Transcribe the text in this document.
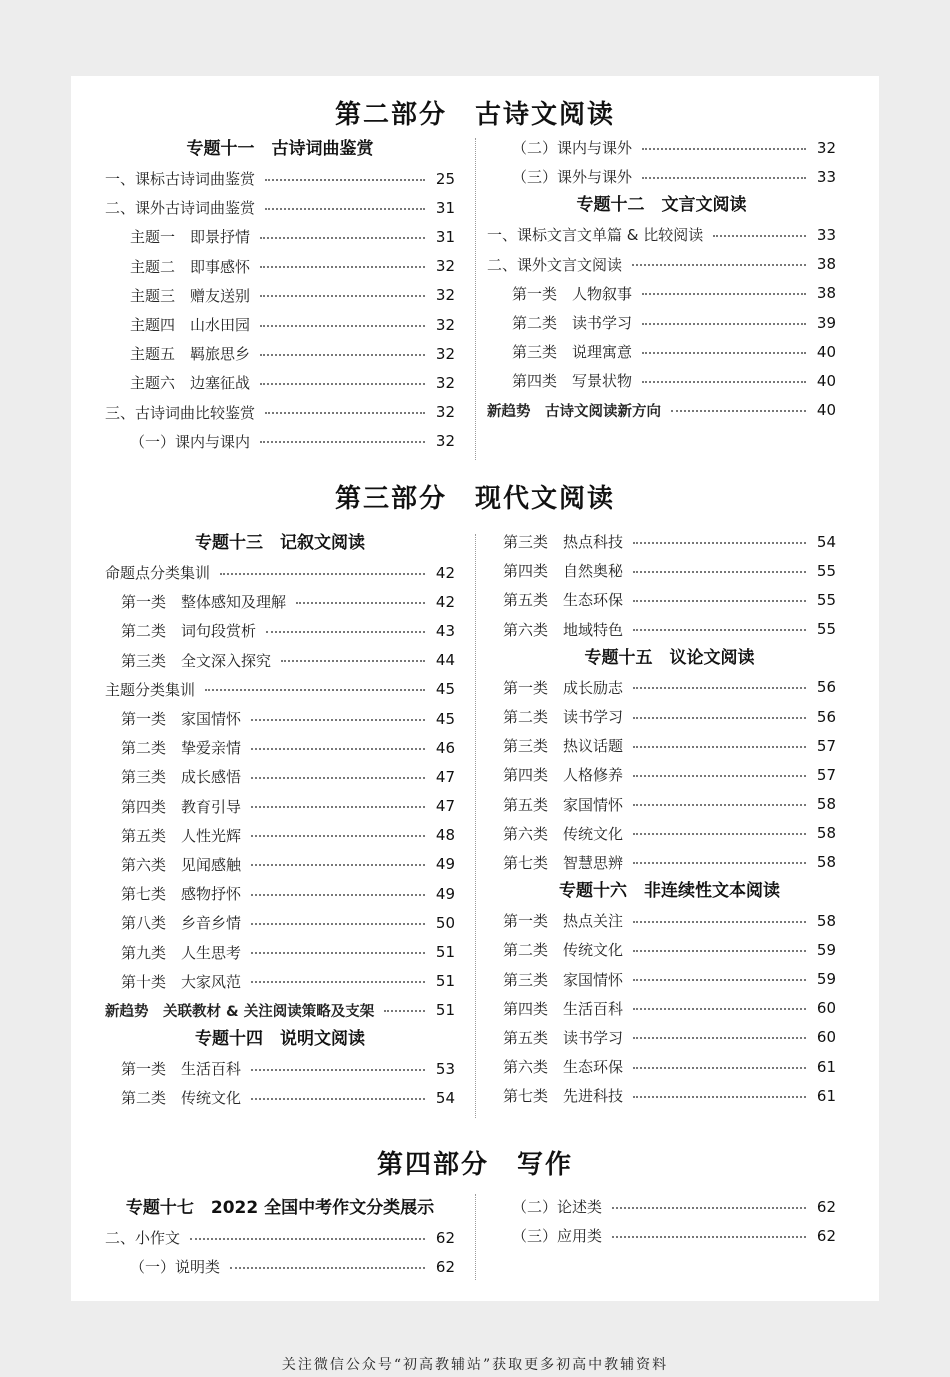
第二部分　古诗文阅读
专题十一　古诗词曲鉴赏
一、课标古诗词曲鉴赏	25
二、课外古诗词曲鉴赏	31
主题一　即景抒情	31
主题二　即事感怀	32
主题三　赠友送别	32
主题四　山水田园	32
主题五　羁旅思乡	32
主题六　边塞征战	32
三、古诗词曲比较鉴赏	32
（一）课内与课内	32
（二）课内与课外	32
（三）课外与课外	33
专题十二　文言文阅读
一、课标文言文单篇 & 比较阅读	33
二、课外文言文阅读	38
第一类　人物叙事	38
第二类　读书学习	39
第三类　说理寓意	40
第四类　写景状物	40
新趋势　古诗文阅读新方向	40
第三部分　现代文阅读
专题十三　记叙文阅读
命题点分类集训	42
第一类　整体感知及理解	42
第二类　词句段赏析	43
第三类　全文深入探究	44
主题分类集训	45
第一类　家国情怀	45
第二类　挚爱亲情	46
第三类　成长感悟	47
第四类　教育引导	47
第五类　人性光辉	48
第六类　见闻感触	49
第七类　感物抒怀	49
第八类　乡音乡情	50
第九类　人生思考	51
第十类　大家风范	51
新趋势　关联教材 & 关注阅读策略及支架	51
专题十四　说明文阅读
第一类　生活百科	53
第二类　传统文化	54
第三类　热点科技	54
第四类　自然奥秘	55
第五类　生态环保	55
第六类　地域特色	55
专题十五　议论文阅读
第一类　成长励志	56
第二类　读书学习	56
第三类　热议话题	57
第四类　人格修养	57
第五类　家国情怀	58
第六类　传统文化	58
第七类　智慧思辨	58
专题十六　非连续性文本阅读
第一类　热点关注	58
第二类　传统文化	59
第三类　家国情怀	59
第四类　生活百科	60
第五类　读书学习	60
第六类　生态环保	61
第七类　先进科技	61
第四部分　写作
专题十七　2022 全国中考作文分类展示
二、小作文	62
（一）说明类	62
（二）论述类	62
（三）应用类	62
关注微信公众号“初高教辅站”获取更多初高中教辅资料
